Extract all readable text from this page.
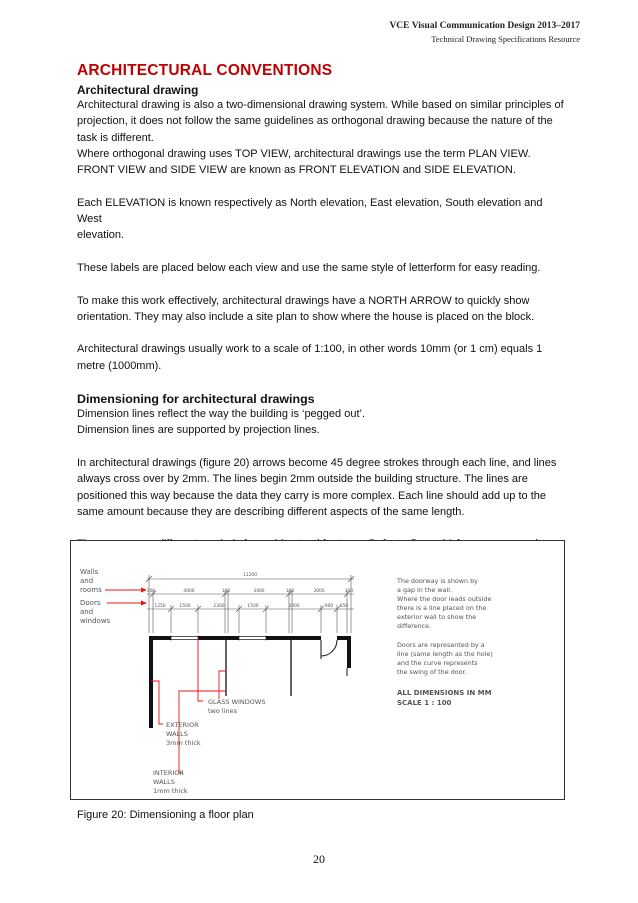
VCE Visual Communication Design 2013–2017
Technical Drawing Specifications Resource
ARCHITECTURAL CONVENTIONS
Architectural drawing

Architectural drawing is also a two-dimensional drawing system. While based on similar principles of
projection, it does not follow the same guidelines as orthogonal drawing because the nature of the
task is different.
Where orthogonal drawing uses TOP VIEW, architectural drawings use the term PLAN VIEW.
FRONT VIEW and SIDE VIEW are known as FRONT ELEVATION and SIDE ELEVATION.

Each ELEVATION is known respectively as North elevation, East elevation, South elevation and West
elevation.

These labels are placed below each view and use the same style of letterform for easy reading.

To make this work effectively, architectural drawings have a NORTH ARROW to quickly show
orientation. They may also include a site plan to show where the house is placed on the block.

Architectural drawings usually work to a scale of 1:100, in other words 10mm (or 1 cm) equals 1
metre (1000mm).

Dimensioning for architectural drawings

Dimension lines reflect the way the building is ‘pegged out’.
Dimension lines are supported by projection lines.

In architectural drawings (figure 20) arrows become 45 degree strokes through each line, and lines
always cross over by 2mm. The lines begin 2mm outside the building structure. The lines are
positioned this way because the data they carry is more complex. Each line should add up to the
same amount because they are describing different aspects of the same length.

Walls
and
rooms
Doors
and
windows
11200
300	4000	100	3400	100	3000	300
1250	1500	2300	1500	3000	900 650
GLASS WINDOWS
two lines
EXTERIOR
WALLS
3mm thick
INTERIOR
WALLS
1mm thick
The doorway is shown by
a gap in the wall.
Where the door leads outside
there is a line placed on the
exterior wall to show the
difference.
Doors are represented by a
line (same length as the hole)
and the curve represents
the swing of the door.
ALL DIMENSIONS IN MM
SCALE 1 : 100
Figure 20: Dimensioning a floor plan
20
